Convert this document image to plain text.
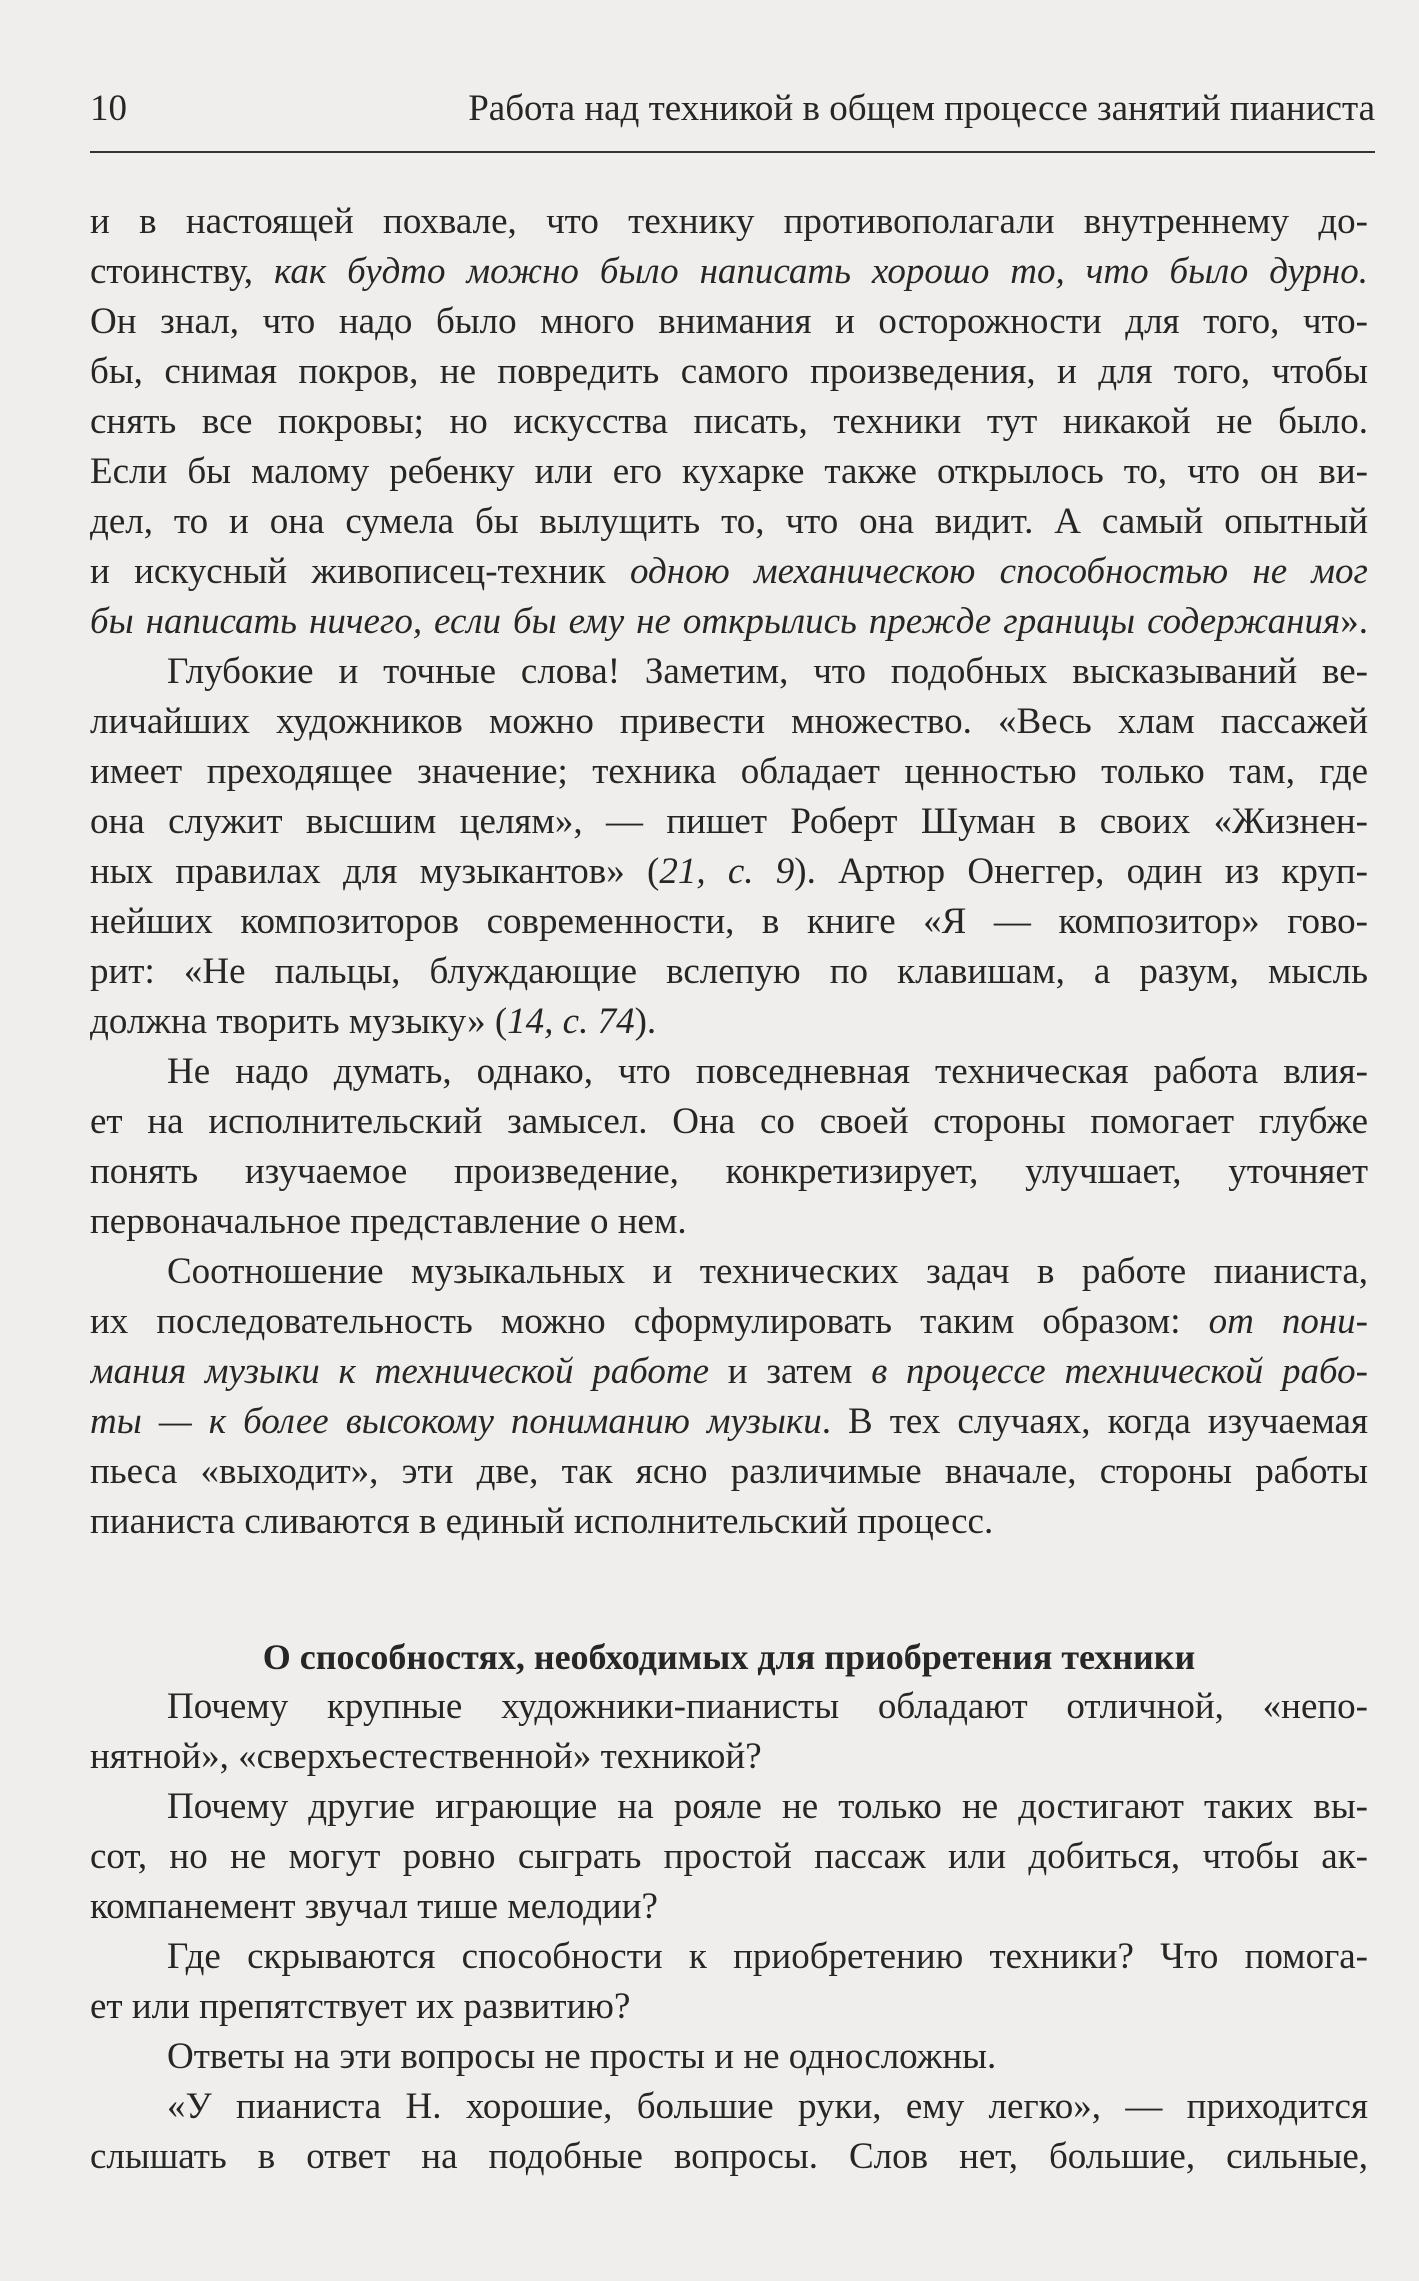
10	Работа над техникой в общем процессе занятий пианиста
и в настоящей похвале, что технику противополагали внутреннему до-
стоинству, как будто можно было написать хорошо то, что было дурно.
Он знал, что надо было много внимания и осторожности для того, что-
бы, снимая покров, не повредить самого произведения, и для того, чтобы
снять все покровы; но искусства писать, техники тут никакой не было.
Если бы малому ребенку или его кухарке также открылось то, что он ви-
дел, то и она сумела бы вылущить то, что она видит. А самый опытный
и искусный живописец-техник одною механическою способностью не мог
бы написать ничего, если бы ему не открылись прежде границы содержания».
Глубокие и точные слова! Заметим, что подобных высказываний ве-
личайших художников можно привести множество. «Весь хлам пассажей
имеет преходящее значение; техника обладает ценностью только там, где
она служит высшим целям», — пишет Роберт Шуман в своих «Жизнен-
ных правилах для музыкантов» (21, с. 9). Артюр Онеггер, один из круп-
нейших композиторов современности, в книге «Я — композитор» гово-
рит: «Не пальцы, блуждающие вслепую по клавишам, а разум, мысль
должна творить музыку» (14, с. 74).
Не надо думать, однако, что повседневная техническая работа влия-
ет на исполнительский замысел. Она со своей стороны помогает глубже
понять изучаемое произведение, конкретизирует, улучшает, уточняет
первоначальное представление о нем.
Соотношение музыкальных и технических задач в работе пианиста,
их последовательность можно сформулировать таким образом: от пони-
мания музыки к технической работе и затем в процессе технической рабо-
ты — к более высокому пониманию музыки. В тех случаях, когда изучаемая
пьеса «выходит», эти две, так ясно различимые вначале, стороны работы
пианиста сливаются в единый исполнительский процесс.
О способностях, необходимых для приобретения техники
Почему крупные художники-пианисты обладают отличной, «непо-
нятной», «сверхъестественной» техникой?
Почему другие играющие на рояле не только не достигают таких вы-
сот, но не могут ровно сыграть простой пассаж или добиться, чтобы ак-
компанемент звучал тише мелодии?
Где скрываются способности к приобретению техники? Что помога-
ет или препятствует их развитию?
Ответы на эти вопросы не просты и не односложны.
«У пианиста Н. хорошие, большие руки, ему легко», — приходится
слышать в ответ на подобные вопросы. Слов нет, большие, сильные,
